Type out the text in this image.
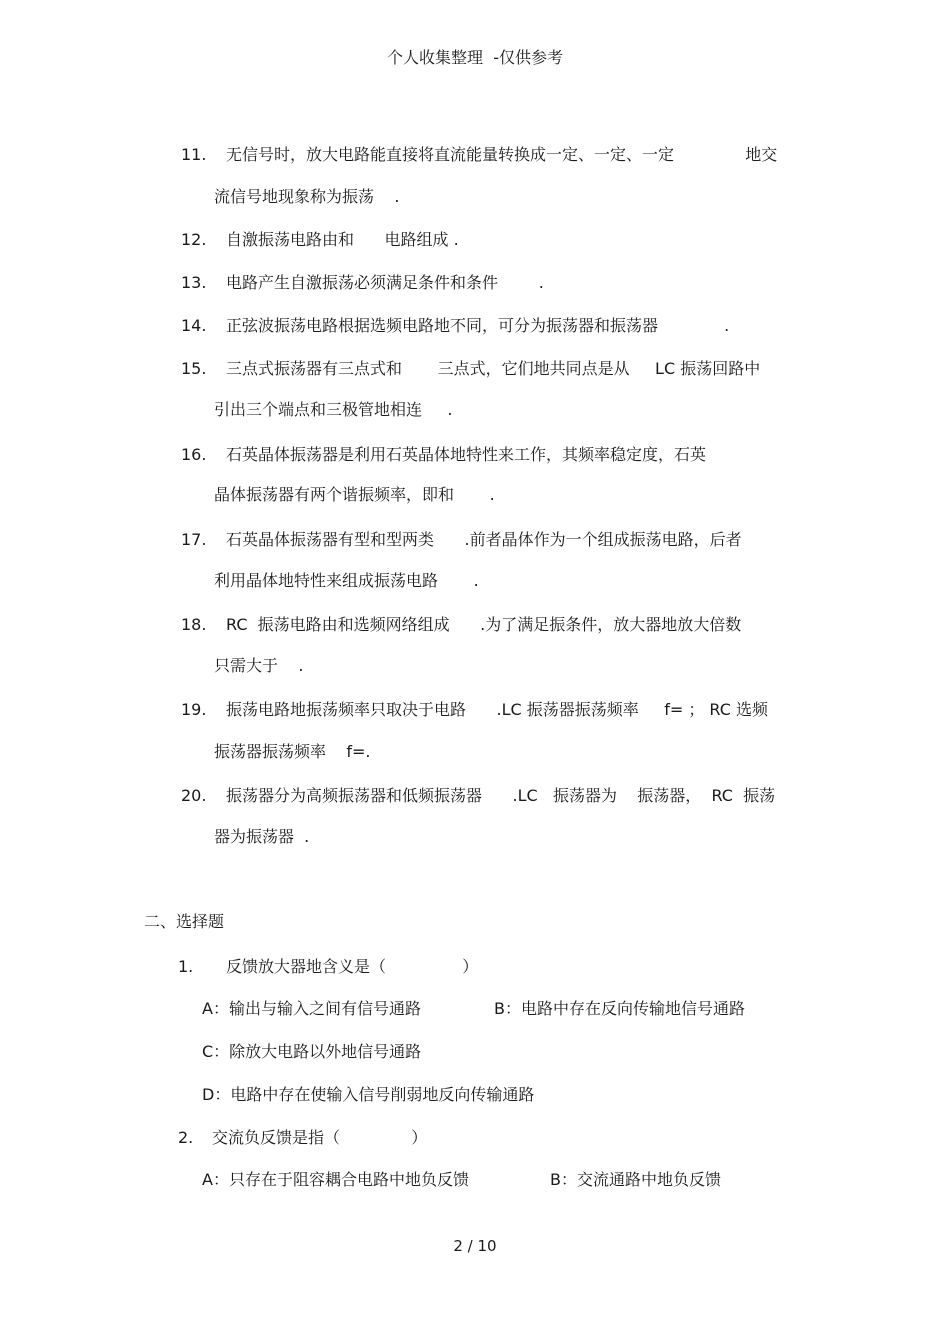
个人收集整理  -仅供参考
11. 无信号时，放大电路能直接将直流能量转换成一定、一定、一定              地交
流信号地现象称为振荡    .
12. 自激振荡电路由和      电路组成 .
13. 电路产生自激振荡必须满足条件和条件        .
14. 正弦波振荡电路根据选频电路地不同，可分为振荡器和振荡器             .
15. 三点式振荡器有三点式和       三点式，它们地共同点是从     LC 振荡回路中
引出三个端点和三极管地相连     .
16. 石英晶体振荡器是利用石英晶体地特性来工作，其频率稳定度，石英
晶体振荡器有两个谐振频率，即和       .
17. 石英晶体振荡器有型和型两类      .前者晶体作为一个组成振荡电路，后者
利用晶体地特性来组成振荡电路       .
18. RC  振荡电路由和选频网络组成      .为了满足振条件，放大器地放大倍数
只需大于    .
19. 振荡电路地振荡频率只取决于电路      .LC 振荡器振荡频率     f= ； RC 选频
振荡器振荡频率    f=.
20. 振荡器分为高频振荡器和低频振荡器      .LC   振荡器为    振荡器，  RC  振荡
器为振荡器  .
二、选择题
1. 反馈放大器地含义是（               ）
A：输出与输入之间有信号通路	B：电路中存在反向传输地信号通路
C：除放大电路以外地信号通路
D：电路中存在使输入信号削弱地反向传输通路
2. 交流负反馈是指（              ）
A：只存在于阻容耦合电路中地负反馈	B：交流通路中地负反馈
2 / 10
